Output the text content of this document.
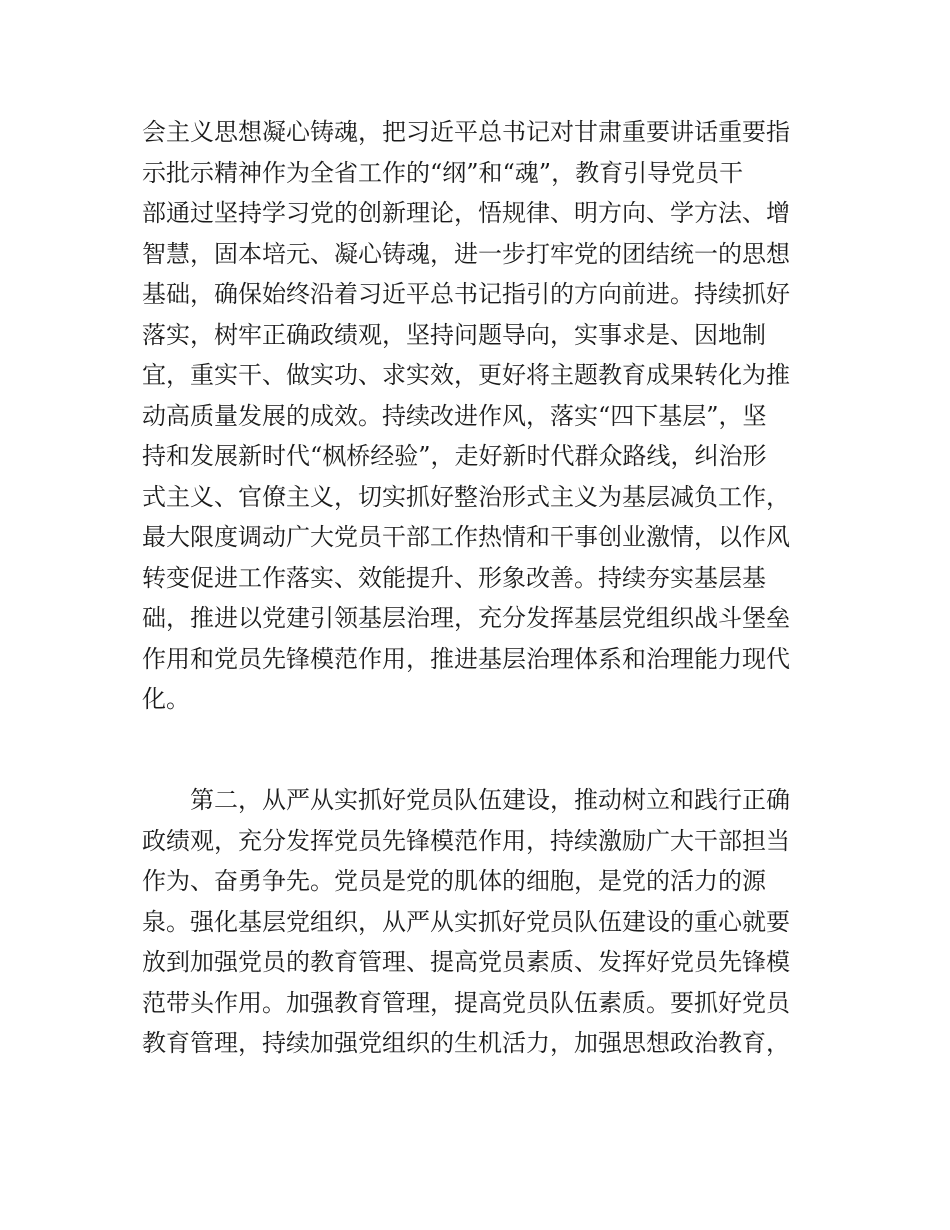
会主义思想凝心铸魂，把习近平总书记对甘肃重要讲话重要指
示批示精神作为全省工作的“纲”和“魂”，教育引导党员干
部通过坚持学习党的创新理论，悟规律、明方向、学方法、增
智慧，固本培元、凝心铸魂，进一步打牢党的团结统一的思想
基础，确保始终沿着习近平总书记指引的方向前进。持续抓好
落实，树牢正确政绩观，坚持问题导向，实事求是、因地制
宜，重实干、做实功、求实效，更好将主题教育成果转化为推
动高质量发展的成效。持续改进作风，落实“四下基层”，坚
持和发展新时代“枫桥经验”，走好新时代群众路线，纠治形
式主义、官僚主义，切实抓好整治形式主义为基层减负工作，
最大限度调动广大党员干部工作热情和干事创业激情，以作风
转变促进工作落实、效能提升、形象改善。持续夯实基层基
础，推进以党建引领基层治理，充分发挥基层党组织战斗堡垒
作用和党员先锋模范作用，推进基层治理体系和治理能力现代
化。
　　第二，从严从实抓好党员队伍建设，推动树立和践行正确
政绩观，充分发挥党员先锋模范作用，持续激励广大干部担当
作为、奋勇争先。党员是党的肌体的细胞，是党的活力的源
泉。强化基层党组织，从严从实抓好党员队伍建设的重心就要
放到加强党员的教育管理、提高党员素质、发挥好党员先锋模
范带头作用。加强教育管理，提高党员队伍素质。要抓好党员
教育管理，持续加强党组织的生机活力，加强思想政治教育，
